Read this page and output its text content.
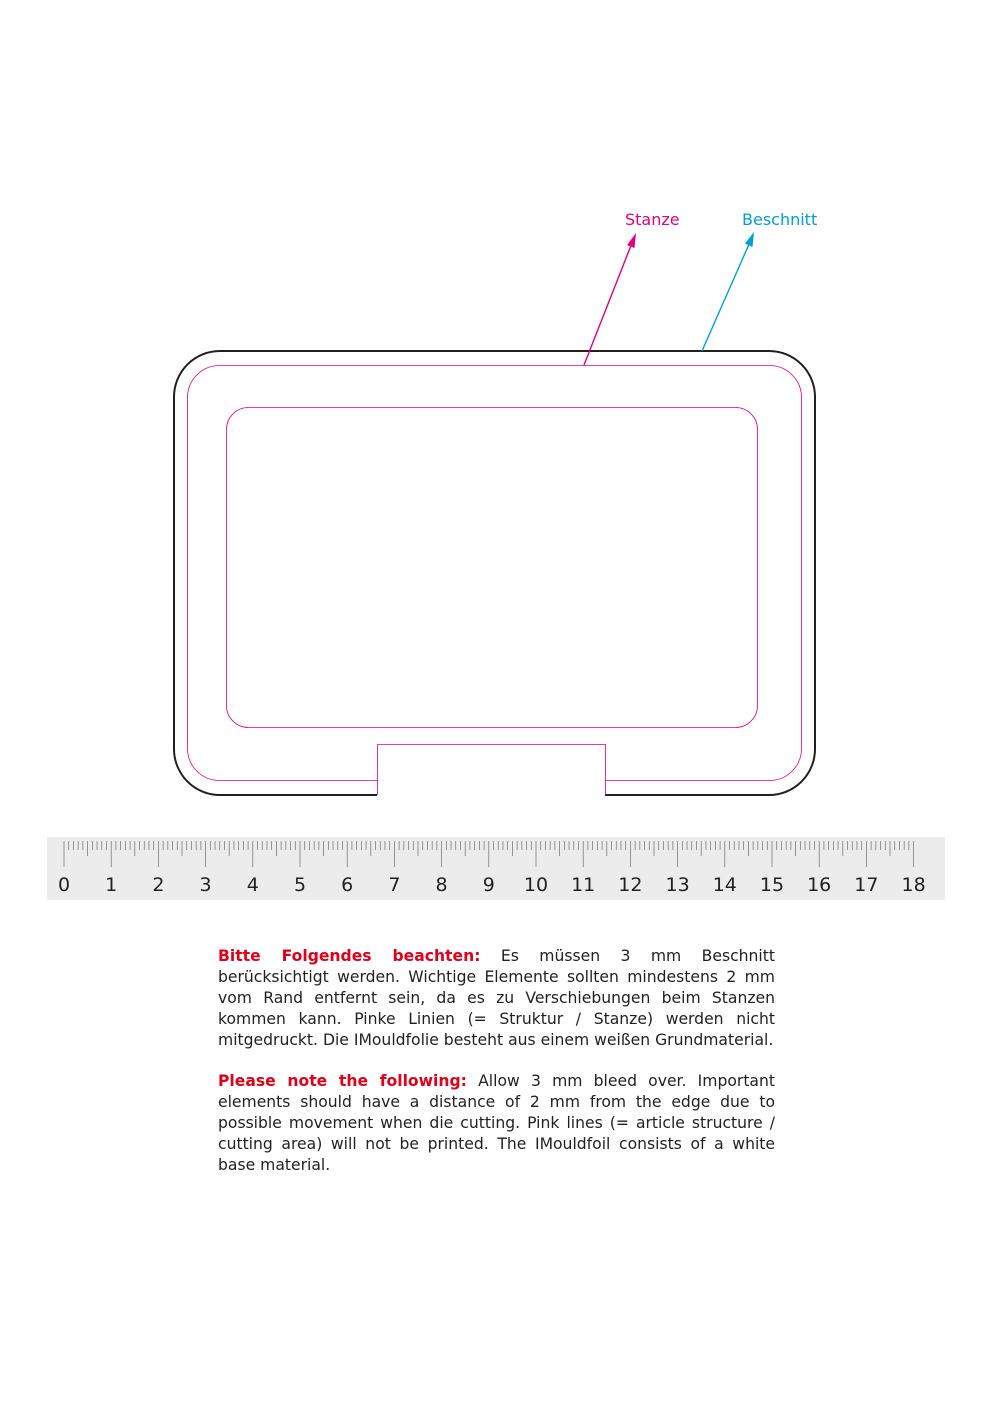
Stanze	Beschnitt
0	1	2	3	4	5	6	7	8	9	10 11 12 13 14 15 16 17 18
Bitte Folgendes beachten: Es müssen 3 mm Beschnitt berücksichtigt werden. Wichtige Elemente sollten mindestens 2 mm vom Rand entfernt sein, da es zu Verschiebungen beim Stanzen kommen kann. Pinke Linien (= Struktur / Stanze) werden nicht mitgedruckt. Die IMouldfolie besteht aus einem weißen Grundmaterial.
Please note the following: Allow 3 mm bleed over. Important elements should have a distance of 2 mm from the edge due to possible movement when die cutting. Pink lines (= article structure / cutting area) will not be printed. The IMouldfoil consists of a white base material.
